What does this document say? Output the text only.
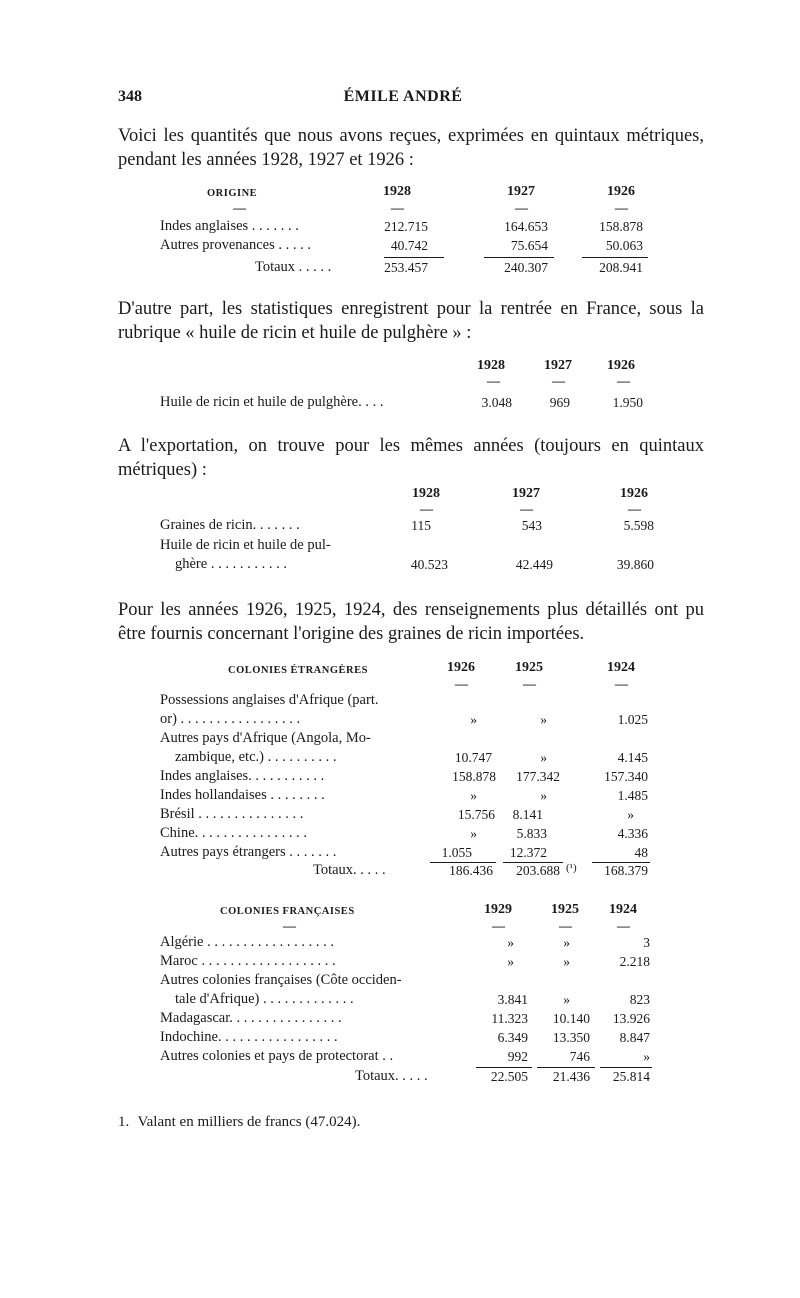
348	ÉMILE ANDRÉ
Voici les quantités que nous avons reçues, exprimées en quintaux métriques, pendant les années 1928, 1927 et 1926 :
ORIGINE	1928	1927	1926
—	—	—	—
Indes anglaises . . . . . . .	212.715	164.653	158.878
Autres provenances . . . . .	40.742	75.654	50.063
Totaux . . . . .	253.457	240.307	208.941
D'autre part, les statistiques enregistrent pour la rentrée en France, sous la rubrique « huile de ricin et huile de pulghère » :
1928	1927	1926
—	—	—
Huile de ricin et huile de pulghère. . . .	3.048	969	1.950
A l'exportation, on trouve pour les mêmes années (toujours en quintaux métriques) :
1928	1927	1926
—	—	—
Graines de ricin. . . . . . .	115	543	5.598
Huile de ricin et huile de pul-
ghère . . . . . . . . . . .	40.523	42.449	39.860
Pour les années 1926, 1925, 1924, des renseignements plus détaillés ont pu être fournis concernant l'origine des graines de ricin importées.
COLONIES ÉTRANGÈRES	1926	1925	1924
—	—	—
Possessions anglaises d'Afrique (part.
or) . . . . . . . . . . . . . . . . .	»	»	1.025
Autres pays d'Afrique (Angola, Mo-
zambique, etc.) . . . . . . . . . .	10.747	»	4.145
Indes anglaises. . . . . . . . . . .	158.878 177.342	157.340
Indes hollandaises . . . . . . . .	»	»	1.485
Brésil . . . . . . . . . . . . . . .	15.756 8.141	»
Chine. . . . . . . . . . . . . . . .	»	5.833	4.336
Autres pays étrangers . . . . . . .	1.055	12.372	48
Totaux. . . . .	186.436 203.688 (¹) 168.379
COLONIES FRANÇAISES	1929	1925 1924
—	—	—	—
Algérie . . . . . . . . . . . . . . . . . .	»	»	3
Maroc . . . . . . . . . . . . . . . . . . .	»	»	2.218
Autres colonies françaises (Côte occiden-
tale d'Afrique) . . . . . . . . . . . . .	3.841	»	823
Madagascar. . . . . . . . . . . . . . . .	11.323 10.140 13.926
Indochine. . . . . . . . . . . . . . . . .	6.349 13.350 8.847
Autres colonies et pays de protectorat . .	992	746	»
Totaux. . . . .	22.505 21.436 25.814
1. Valant en milliers de francs (47.024).
